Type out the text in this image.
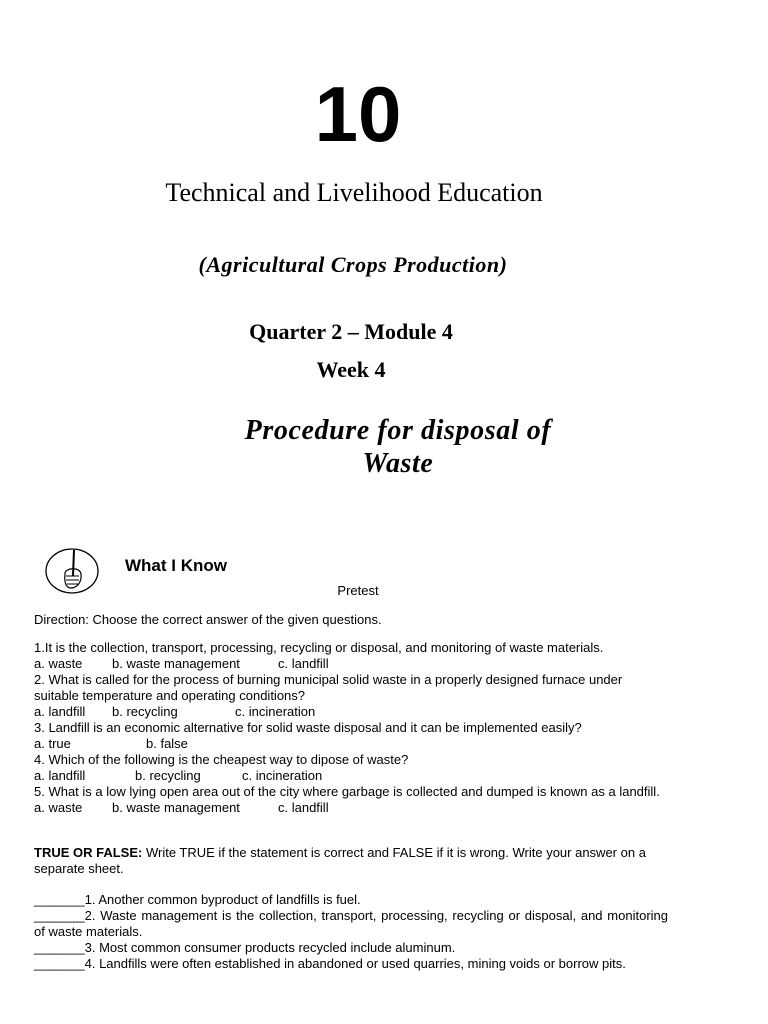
10
Technical and Livelihood Education
(Agricultural Crops Production)
Quarter 2 – Module 4
Week 4
Procedure for disposal of
Waste
What I Know
Pretest
Direction: Choose the correct answer of the given questions.
1.It is the collection, transport, processing, recycling or disposal, and monitoring of waste materials.
a. waste b. waste management	c. landfill
2. What is called for the process of burning municipal solid waste in a properly designed furnace under suitable temperature and operating conditions?
a. landfill b. recycling	c. incineration
3. Landfill is an economic alternative for solid waste disposal and it can be implemented easily?
a. true	b. false
4. Which of the following is the cheapest way to dipose of waste?
a. landfill	b. recycling	c. incineration
5. What is a low lying open area out of the city where garbage is collected and dumped is known as a landfill.
a. waste b. waste management	c. landfill
TRUE OR FALSE: Write TRUE if the statement is correct and FALSE if it is wrong. Write your answer on a separate sheet.
_______1. Another common byproduct of landfills is fuel.
_______2. Waste management is the collection, transport, processing, recycling or disposal, and monitoring of waste materials.
_______3. Most common consumer products recycled include aluminum.
_______4. Landfills were often established in abandoned or used quarries, mining voids or borrow pits.
